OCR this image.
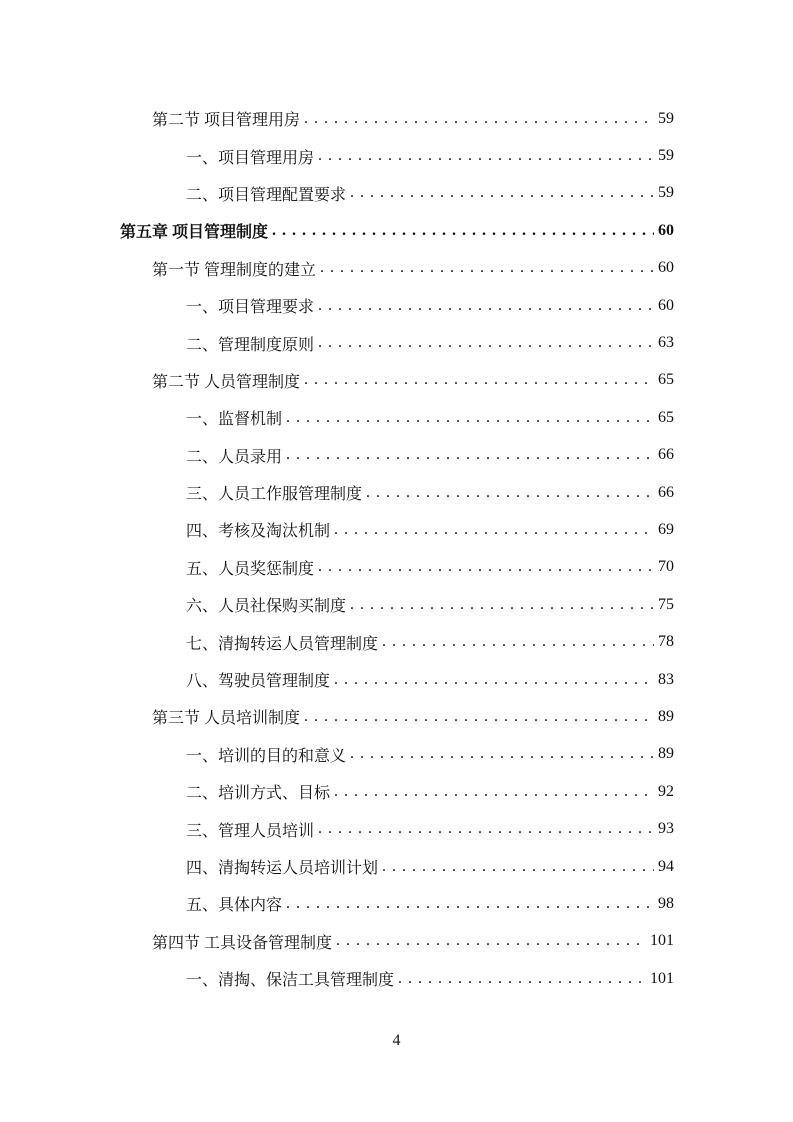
第二节 项目管理用房 . . .	59
一、项目管理用房 . . .	59
二、项目管理配置要求 . . .	59
第五章 项目管理制度 . . .	60
第一节 管理制度的建立 . . .	60
一、项目管理要求 . . .	60
二、管理制度原则 . . .	63
第二节 人员管理制度 . . .	65
一、监督机制 . . .	65
二、人员录用 . . .	66
三、人员工作服管理制度 . . .	66
四、考核及淘汰机制 . . .	69
五、人员奖惩制度 . . .	70
六、人员社保购买制度 . . .	75
七、清掏转运人员管理制度 . . .	78
八、驾驶员管理制度 . . .	83
第三节 人员培训制度 . . .	89
一、培训的目的和意义 . . .	89
二、培训方式、目标 . . .	92
三、管理人员培训 . . .	93
四、清掏转运人员培训计划 . . .	94
五、具体内容 . . .	98
第四节 工具设备管理制度 . . .	101
一、清掏、保洁工具管理制度 . . .	101
4
